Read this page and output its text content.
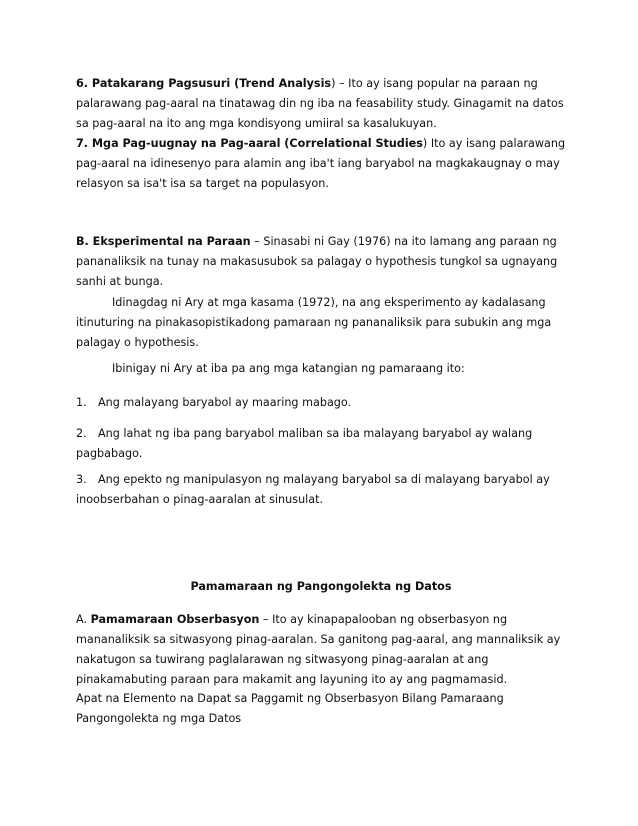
6. Patakarang Pagsusuri (Trend Analysis) – Ito ay isang popular na paraan ng palarawang pag-aaral na tinatawag din ng iba na feasability study. Ginagamit na datos sa pag-aaral na ito ang mga kondisyong umiiral sa kasalukuyan.

7. Mga Pag-uugnay na Pag-aaral (Correlational Studies) Ito ay isang palarawang pag-aaral na idinesenyo para alamin ang iba't iang baryabol na magkakaugnay o may relasyon sa isa't isa sa target na populasyon.

B. Eksperimental na Paraan – Sinasabi ni Gay (1976) na ito lamang ang paraan ng pananaliksik na tunay na makasusubok sa palagay o hypothesis tungkol sa ugnayang sanhi at bunga.

Idinagdag ni Ary at mga kasama (1972), na ang eksperimento ay kadalasang itinuturing na pinakasopistikadong pamaraan ng pananaliksik para subukin ang mga palagay o hypothesis.

Ibinigay ni Ary at iba pa ang mga katangian ng pamaraang ito:

1. Ang malayang baryabol ay maaring mabago.

2. Ang lahat ng iba pang baryabol maliban sa iba malayang baryabol ay walang pagbabago.

3. Ang epekto ng manipulasyon ng malayang baryabol sa di malayang baryabol ay inoobserbahan o pinag-aaralan at sinusulat.

Pamamaraan ng Pangongolekta ng Datos

A. Pamamaraan Obserbasyon – Ito ay kinapapalooban ng obserbasyon ng mananaliksik sa sitwasyong pinag-aaralan. Sa ganitong pag-aaral, ang mannaliksik ay nakatugon sa tuwirang paglalarawan ng sitwasyong pinag-aaralan at ang pinakamabuting paraan para makamit ang layuning ito ay ang pagmamasid.

Apat na Elemento na Dapat sa Paggamit ng Obserbasyon Bilang Pamaraang Pangongolekta ng mga Datos
